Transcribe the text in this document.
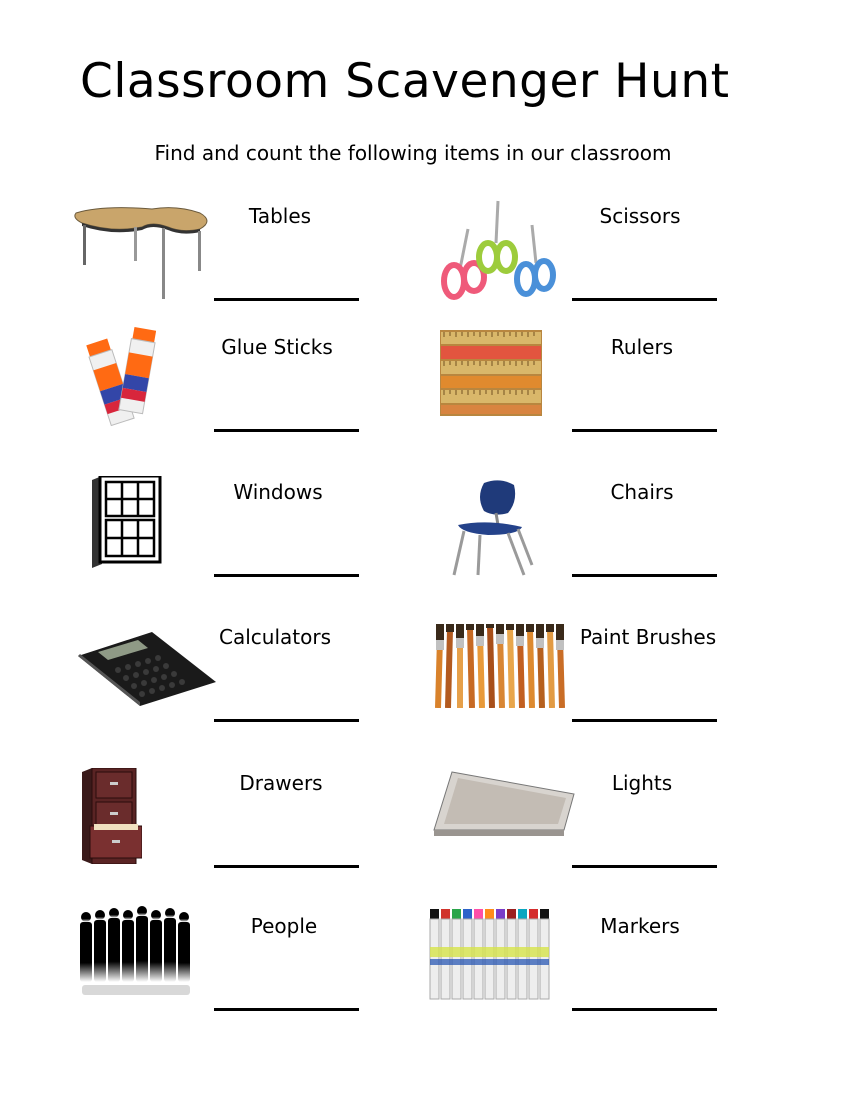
Classroom Scavenger Hunt

Find and count the following items in our classroom

Tables	Scissors
Glue Sticks	Rulers
Windows	Chairs
Calculators	Paint Brushes
Drawers	Lights
People	Markers
